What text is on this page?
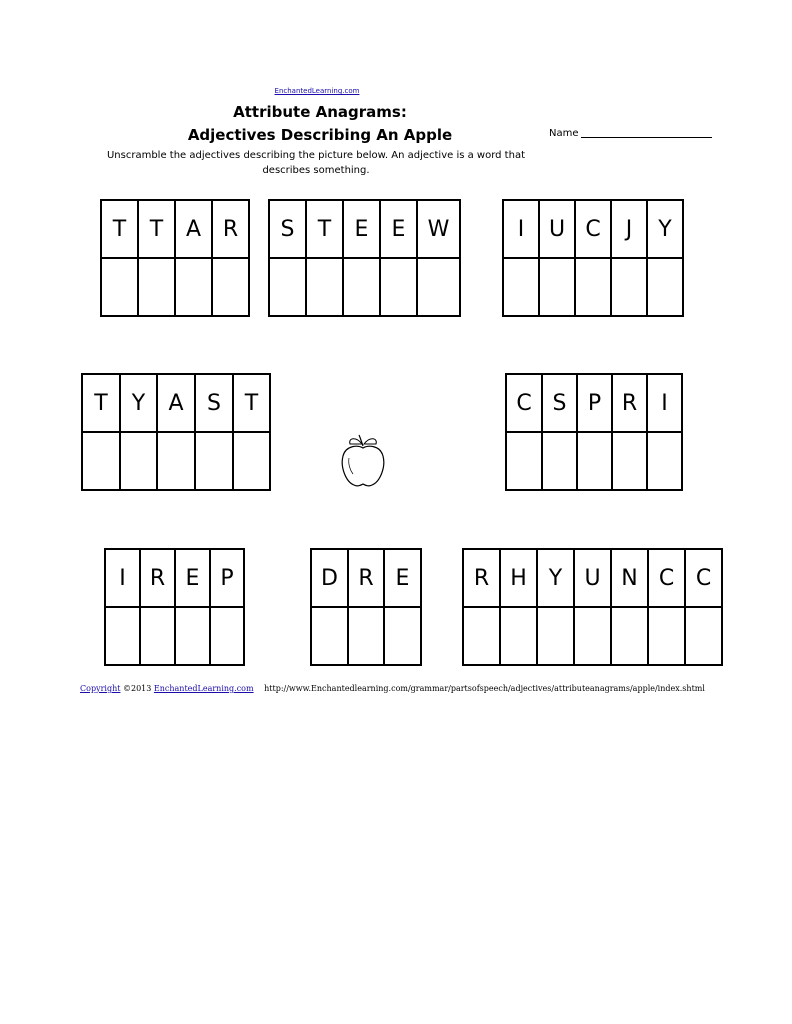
EnchantedLearning.com
Attribute Anagrams:
Adjectives Describing An Apple	Name
Unscramble the adjectives describing the picture below. An adjective is a word that describes something.
T	T	A R	S	T	E	E	W	I	U C	J	Y
T	Y	A	S	T	C S P R	I
I	R E P	D R E	R H	Y	U N C C
Copyright ©2013 EnchantedLearning.com http://www.Enchantedlearning.com/grammar/partsofspeech/adjectives/attributeanagrams/apple/index.shtml
